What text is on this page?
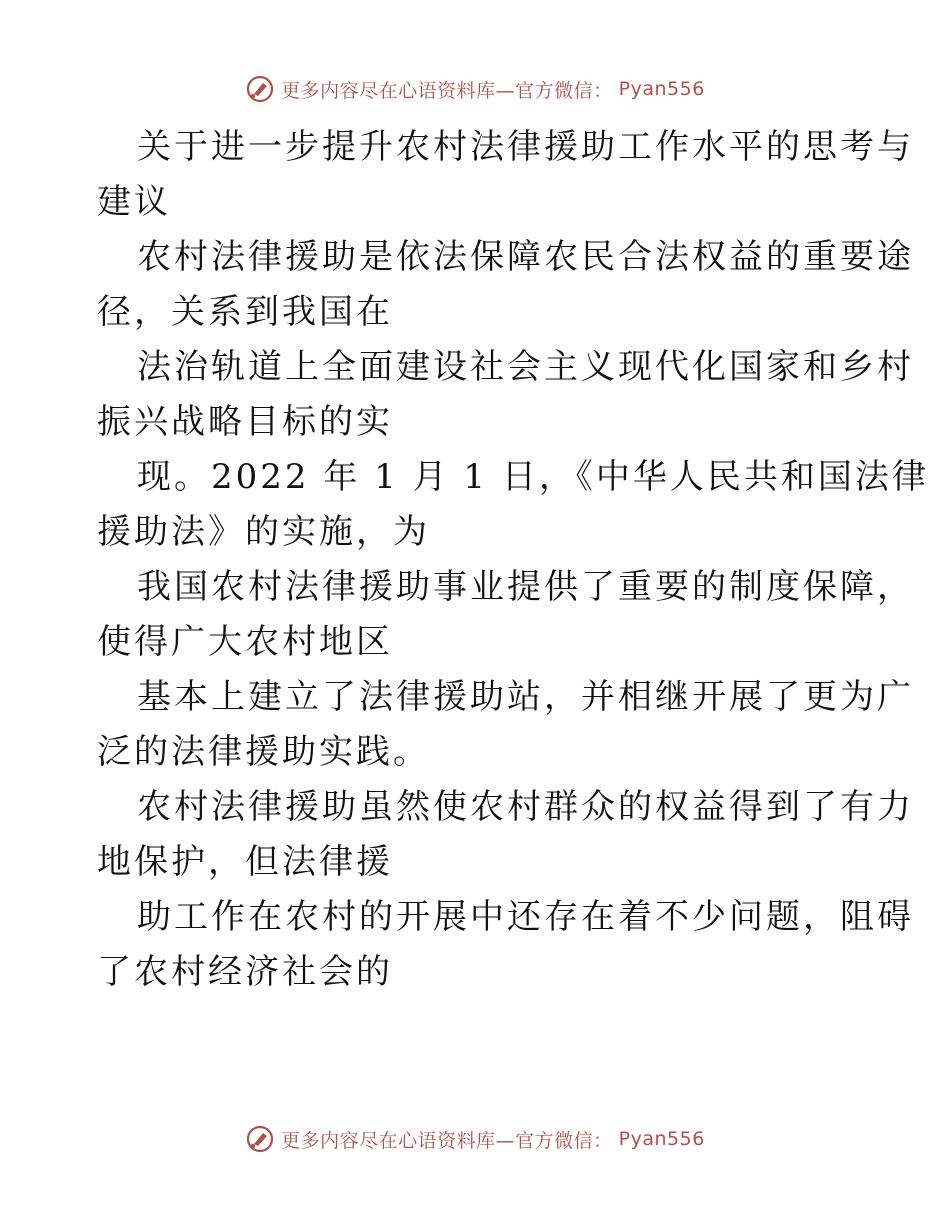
更多内容尽在心语资料库—官方微信： Pyan556
关于进一步提升农村法律援助工作水平的思考与
建议
农村法律援助是依法保障农民合法权益的重要途
径，关系到我国在
法治轨道上全面建设社会主义现代化国家和乡村
振兴战略目标的实
现。2022 年 1 月 1 日，《中华人民共和国法律
援助法》的实施，为
我国农村法律援助事业提供了重要的制度保障，
使得广大农村地区
基本上建立了法律援助站，并相继开展了更为广
泛的法律援助实践。
农村法律援助虽然使农村群众的权益得到了有力
地保护，但法律援
助工作在农村的开展中还存在着不少问题，阻碍
了农村经济社会的
更多内容尽在心语资料库—官方微信： Pyan556
